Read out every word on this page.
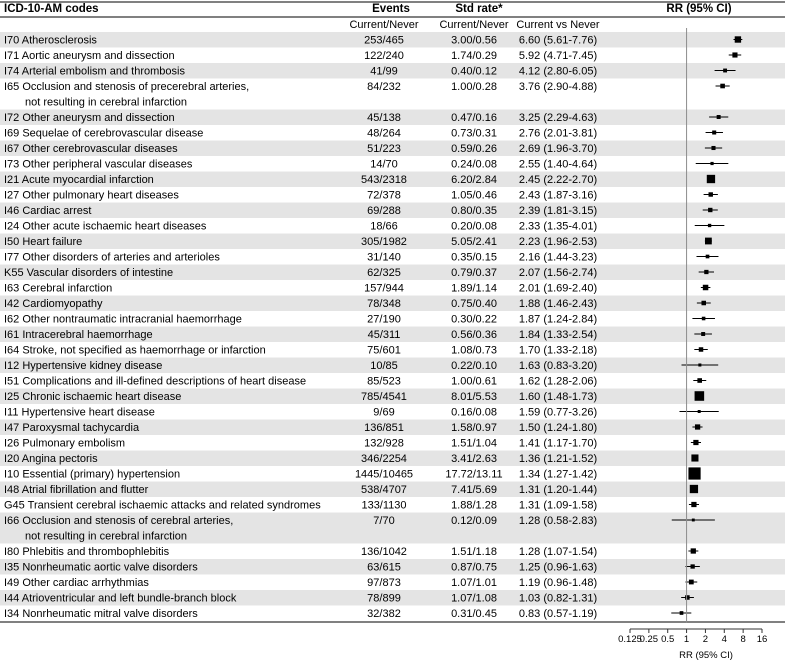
ICD-10-AM codes	Events	Std rate*	RR (95% CI)
Current/Never Current/Never Current vs Never
I70 Atherosclerosis	253/465	3.00/0.56 6.60 (5.61-7.76)
I71 Aortic aneurysm and dissection	122/240	1.74/0.29 5.92 (4.71-7.45)
I74 Arterial embolism and thrombosis	41/99	0.40/0.12 4.12 (2.80-6.05)
I65 Occlusion and stenosis of precerebral arteries,
not resulting in cerebral infarction
84/232	1.00/0.28 3.76 (2.90-4.88)
I72 Other aneurysm and dissection	45/138	0.47/0.16 3.25 (2.29-4.63)
I69 Sequelae of cerebrovascular disease	48/264	0.73/0.31 2.76 (2.01-3.81)
I67 Other cerebrovascular diseases	51/223	0.59/0.26 2.69 (1.96-3.70)
I73 Other peripheral vascular diseases	14/70	0.24/0.08 2.55 (1.40-4.64)
I21 Acute myocardial infarction	543/2318	6.20/2.84 2.45 (2.22-2.70)
I27 Other pulmonary heart diseases	72/378	1.05/0.46 2.43 (1.87-3.16)
I46 Cardiac arrest	69/288	0.80/0.35 2.39 (1.81-3.15)
I24 Other acute ischaemic heart diseases	18/66	0.20/0.08 2.33 (1.35-4.01)
I50 Heart failure	305/1982	5.05/2.41 2.23 (1.96-2.53)
I77 Other disorders of arteries and arterioles	31/140	0.35/0.15 2.16 (1.44-3.23)
K55 Vascular disorders of intestine	62/325	0.79/0.37 2.07 (1.56-2.74)
I63 Cerebral infarction	157/944	1.89/1.14 2.01 (1.69-2.40)
I42 Cardiomyopathy	78/348	0.75/0.40 1.88 (1.46-2.43)
I62 Other nontraumatic intracranial haemorrhage	27/190	0.30/0.22 1.87 (1.24-2.84)
I61 Intracerebral haemorrhage	45/311	0.56/0.36 1.84 (1.33-2.54)
I64 Stroke, not specified as haemorrhage or infarction	75/601	1.08/0.73 1.70 (1.33-2.18)
I12 Hypertensive kidney disease	10/85	0.22/0.10 1.63 (0.83-3.20)
I51 Complications and ill-defined descriptions of heart disease	85/523	1.00/0.61 1.62 (1.28-2.06)
I25 Chronic ischaemic heart disease	785/4541	8.01/5.53 1.60 (1.48-1.73)
I11 Hypertensive heart disease	9/69	0.16/0.08 1.59 (0.77-3.26)
I47 Paroxysmal tachycardia	136/851	1.58/0.97 1.50 (1.24-1.80)
I26 Pulmonary embolism	132/928	1.51/1.04 1.41 (1.17-1.70)
I20 Angina pectoris	346/2254	3.41/2.63 1.36 (1.21-1.52)
I10 Essential (primary) hypertension	1445/10465	17.72/13.11 1.34 (1.27-1.42)
I48 Atrial fibrillation and flutter	538/4707	7.41/5.69 1.31 (1.20-1.44)
G45 Transient cerebral ischaemic attacks and related syndromes	133/1130	1.88/1.28 1.31 (1.09-1.58)
I66 Occlusion and stenosis of cerebral arteries,
not resulting in cerebral infarction
7/70	0.12/0.09 1.28 (0.58-2.83)
I80 Phlebitis and thrombophlebitis	136/1042	1.51/1.18 1.28 (1.07-1.54)
I35 Nonrheumatic aortic valve disorders	63/615	0.87/0.75 1.25 (0.96-1.63)
I49 Other cardiac arrhythmias	97/873	1.07/1.01 1.19 (0.96-1.48)
I44 Atrioventricular and left bundle-branch block	78/899	1.07/1.08 1.03 (0.82-1.31)
I34 Nonrheumatic mitral valve disorders	32/382	0.31/0.45 0.83 (0.57-1.19)
RR (95% CI)
0.125
0.25 0.5 1 2 4 8 16
